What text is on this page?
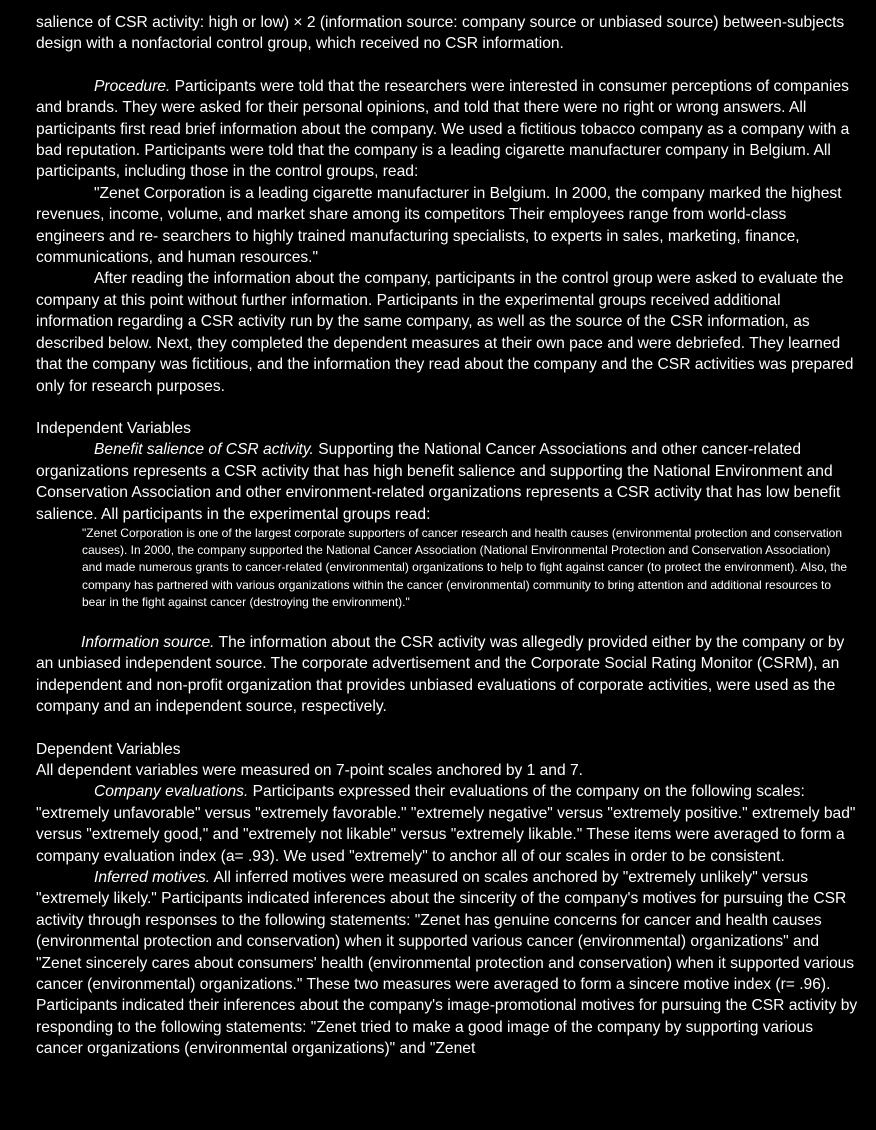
salience of CSR activity: high or low) × 2 (information source: company source or unbiased source) between-subjects design with a nonfactorial control group, which received no CSR information.

Procedure. Participants were told that the researchers were interested in consumer perceptions of companies and brands. They were asked for their personal opinions, and told that there were no right or wrong answers. All participants first read brief information about the company. We used a fictitious tobacco company as a company with a bad reputation. Participants were told that the company is a leading cigarette manufacturer company in Belgium. All participants, including those in the control groups, read:

"Zenet Corporation is a leading cigarette manufacturer in Belgium. In 2000, the company marked the highest revenues, income, volume, and market share among its competitors Their employees range from world-class engineers and re- searchers to highly trained manufacturing specialists, to experts in sales, marketing, finance, communications, and human resources."

After reading the information about the company, participants in the control group were asked to evaluate the company at this point without further information. Participants in the experimental groups received additional information regarding a CSR activity run by the same company, as well as the source of the CSR information, as described below. Next, they completed the dependent measures at their own pace and were debriefed. They learned that the company was fictitious, and the information they read about the company and the CSR activities was prepared only for research purposes.

Independent Variables

Benefit salience of CSR activity. Supporting the National Cancer Associations and other cancer-related organizations represents a CSR activity that has high benefit salience and supporting the National Environment and Conservation Association and other environment-related organizations represents a CSR activity that has low benefit salience. All participants in the experimental groups read:

"Zenet Corporation is one of the largest corporate supporters of cancer research and health causes (environmental protection and conservation causes). In 2000, the company supported the National Cancer Association (National Environmental Protection and Conservation Association) and made numerous grants to cancer-related (environmental) organizations to help to fight against cancer (to protect the environment). Also, the company has partnered with various organizations within the cancer (environmental) community to bring attention and additional resources to bear in the fight against cancer (destroying the environment)."

Information source. The information about the CSR activity was allegedly provided either by the company or by an unbiased independent source. The corporate advertisement and the Corporate Social Rating Monitor (CSRM), an independent and non-profit organization that provides unbiased evaluations of corporate activities, were used as the company and an independent source, respectively.

Dependent Variables

All dependent variables were measured on 7-point scales anchored by 1 and 7.

Company evaluations. Participants expressed their evaluations of the company on the following scales: "extremely unfavorable" versus "extremely favorable." "extremely negative" versus "extremely positive." extremely bad" versus "extremely good," and "extremely not likable" versus "extremely likable." These items were averaged to form a company evaluation index (a= .93). We used "extremely" to anchor all of our scales in order to be consistent.

Inferred motives. All inferred motives were measured on scales anchored by "extremely unlikely" versus "extremely likely." Participants indicated inferences about the sincerity of the company's motives for pursuing the CSR activity through responses to the following statements: "Zenet has genuine concerns for cancer and health causes (environmental protection and conservation) when it supported various cancer (environmental) organizations" and "Zenet sincerely cares about consumers' health (environmental protection and conservation) when it supported various cancer (environmental) organizations." These two measures were averaged to form a sincere motive index (r= .96). Participants indicated their inferences about the company's image-promotional motives for pursuing the CSR activity by responding to the following statements: "Zenet tried to make a good image of the company by supporting various cancer organizations (environmental organizations)" and "Zenet
